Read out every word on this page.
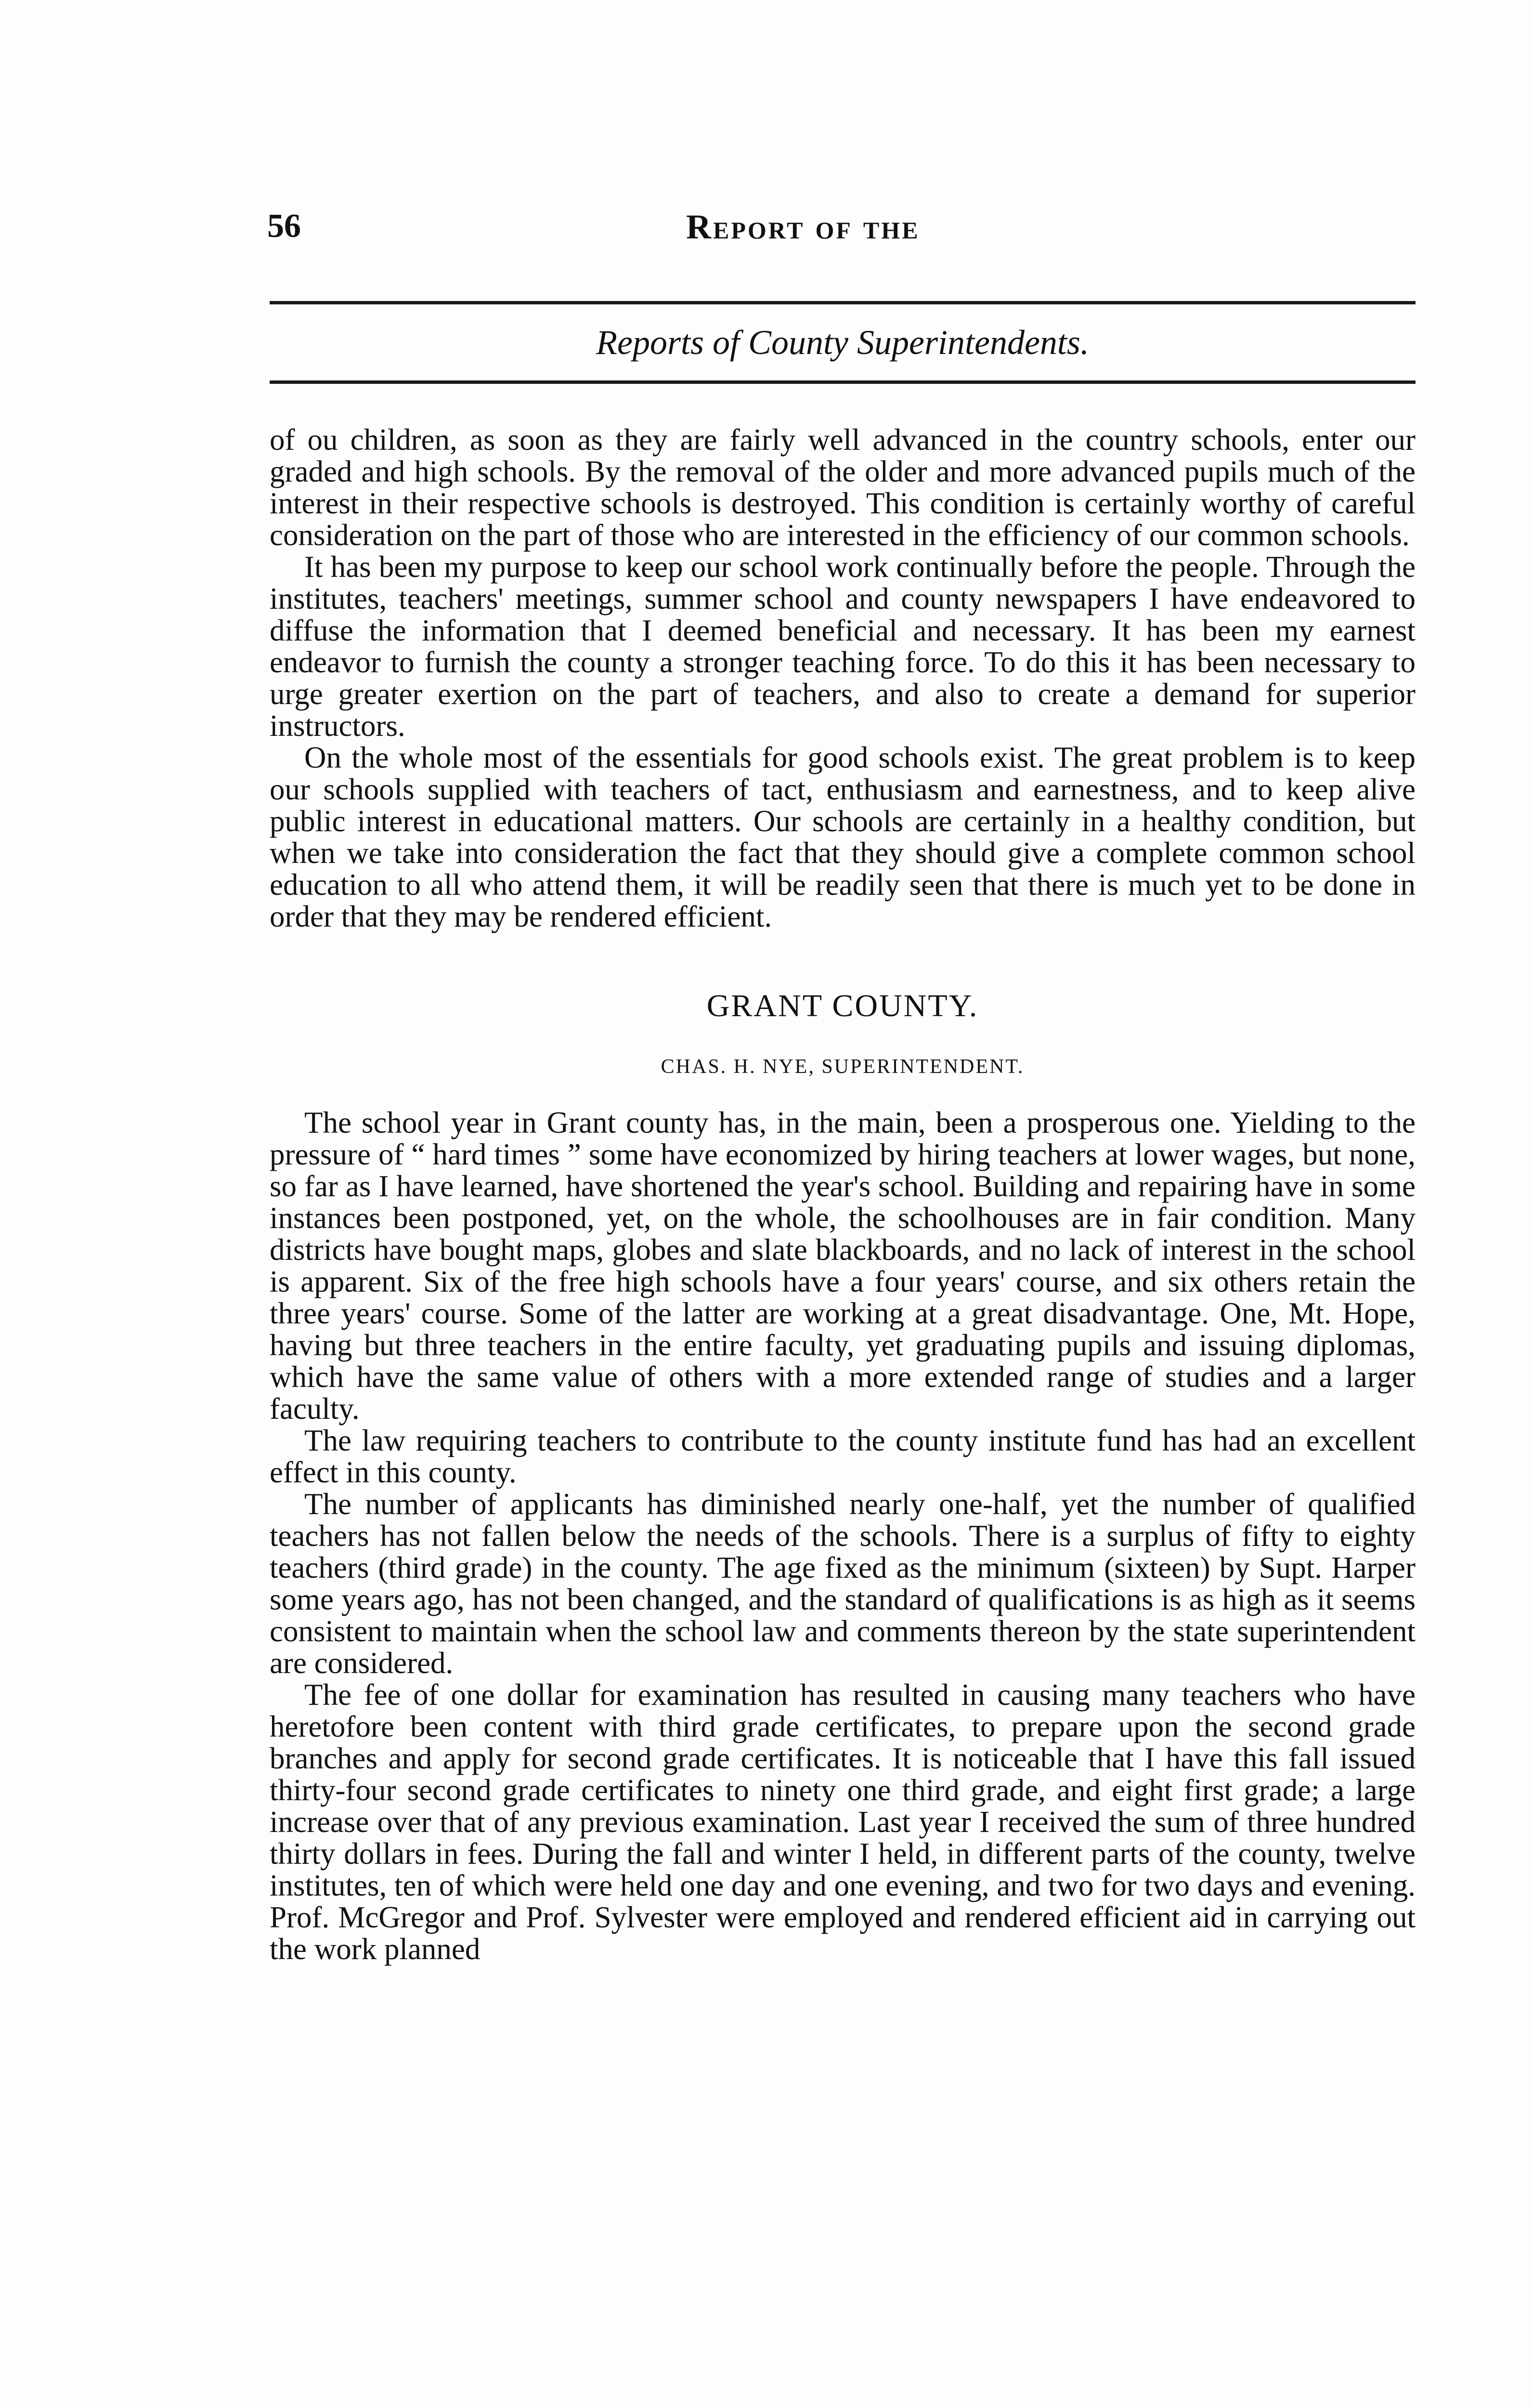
56	Report of the
Reports of County Superintendents.

of ou children, as soon as they are fairly well advanced in the country schools, enter our graded and high schools. By the removal of the older and more advanced pupils much of the interest in their respective schools is destroyed. This condition is certainly worthy of careful consideration on the part of those who are interested in the efficiency of our common schools.

It has been my purpose to keep our school work continually before the people. Through the institutes, teachers' meetings, summer school and county newspapers I have endeavored to diffuse the information that I deemed beneficial and necessary. It has been my earnest endeavor to furnish the county a stronger teaching force. To do this it has been necessary to urge greater exertion on the part of teachers, and also to create a demand for superior instructors.

On the whole most of the essentials for good schools exist. The great problem is to keep our schools supplied with teachers of tact, enthusiasm and earnestness, and to keep alive public interest in educational matters. Our schools are certainly in a healthy condition, but when we take into consideration the fact that they should give a complete common school education to all who attend them, it will be readily seen that there is much yet to be done in order that they may be rendered efficient.

GRANT COUNTY.

CHAS. H. NYE, SUPERINTENDENT.

The school year in Grant county has, in the main, been a prosperous one. Yielding to the pressure of “ hard times ” some have economized by hiring teachers at lower wages, but none, so far as I have learned, have shortened the year's school. Building and repairing have in some instances been postponed, yet, on the whole, the schoolhouses are in fair condition. Many districts have bought maps, globes and slate blackboards, and no lack of interest in the school is apparent. Six of the free high schools have a four years' course, and six others retain the three years' course. Some of the latter are working at a great disadvantage. One, Mt. Hope, having but three teachers in the entire faculty, yet graduating pupils and issuing diplomas, which have the same value of others with a more extended range of studies and a larger faculty.

The law requiring teachers to contribute to the county institute fund has had an excellent effect in this county.

The number of applicants has diminished nearly one-half, yet the number of qualified teachers has not fallen below the needs of the schools. There is a surplus of fifty to eighty teachers (third grade) in the county. The age fixed as the minimum (sixteen) by Supt. Harper some years ago, has not been changed, and the standard of qualifications is as high as it seems consistent to maintain when the school law and comments thereon by the state superintendent are considered.

The fee of one dollar for examination has resulted in causing many teachers who have heretofore been content with third grade certificates, to prepare upon the second grade branches and apply for second grade certificates. It is noticeable that I have this fall issued thirty-four second grade certificates to ninety one third grade, and eight first grade; a large increase over that of any previous examination. Last year I received the sum of three hundred thirty dollars in fees. During the fall and winter I held, in different parts of the county, twelve institutes, ten of which were held one day and one evening, and two for two days and evening. Prof. McGregor and Prof. Sylvester were employed and rendered efficient aid in carrying out the work planned
